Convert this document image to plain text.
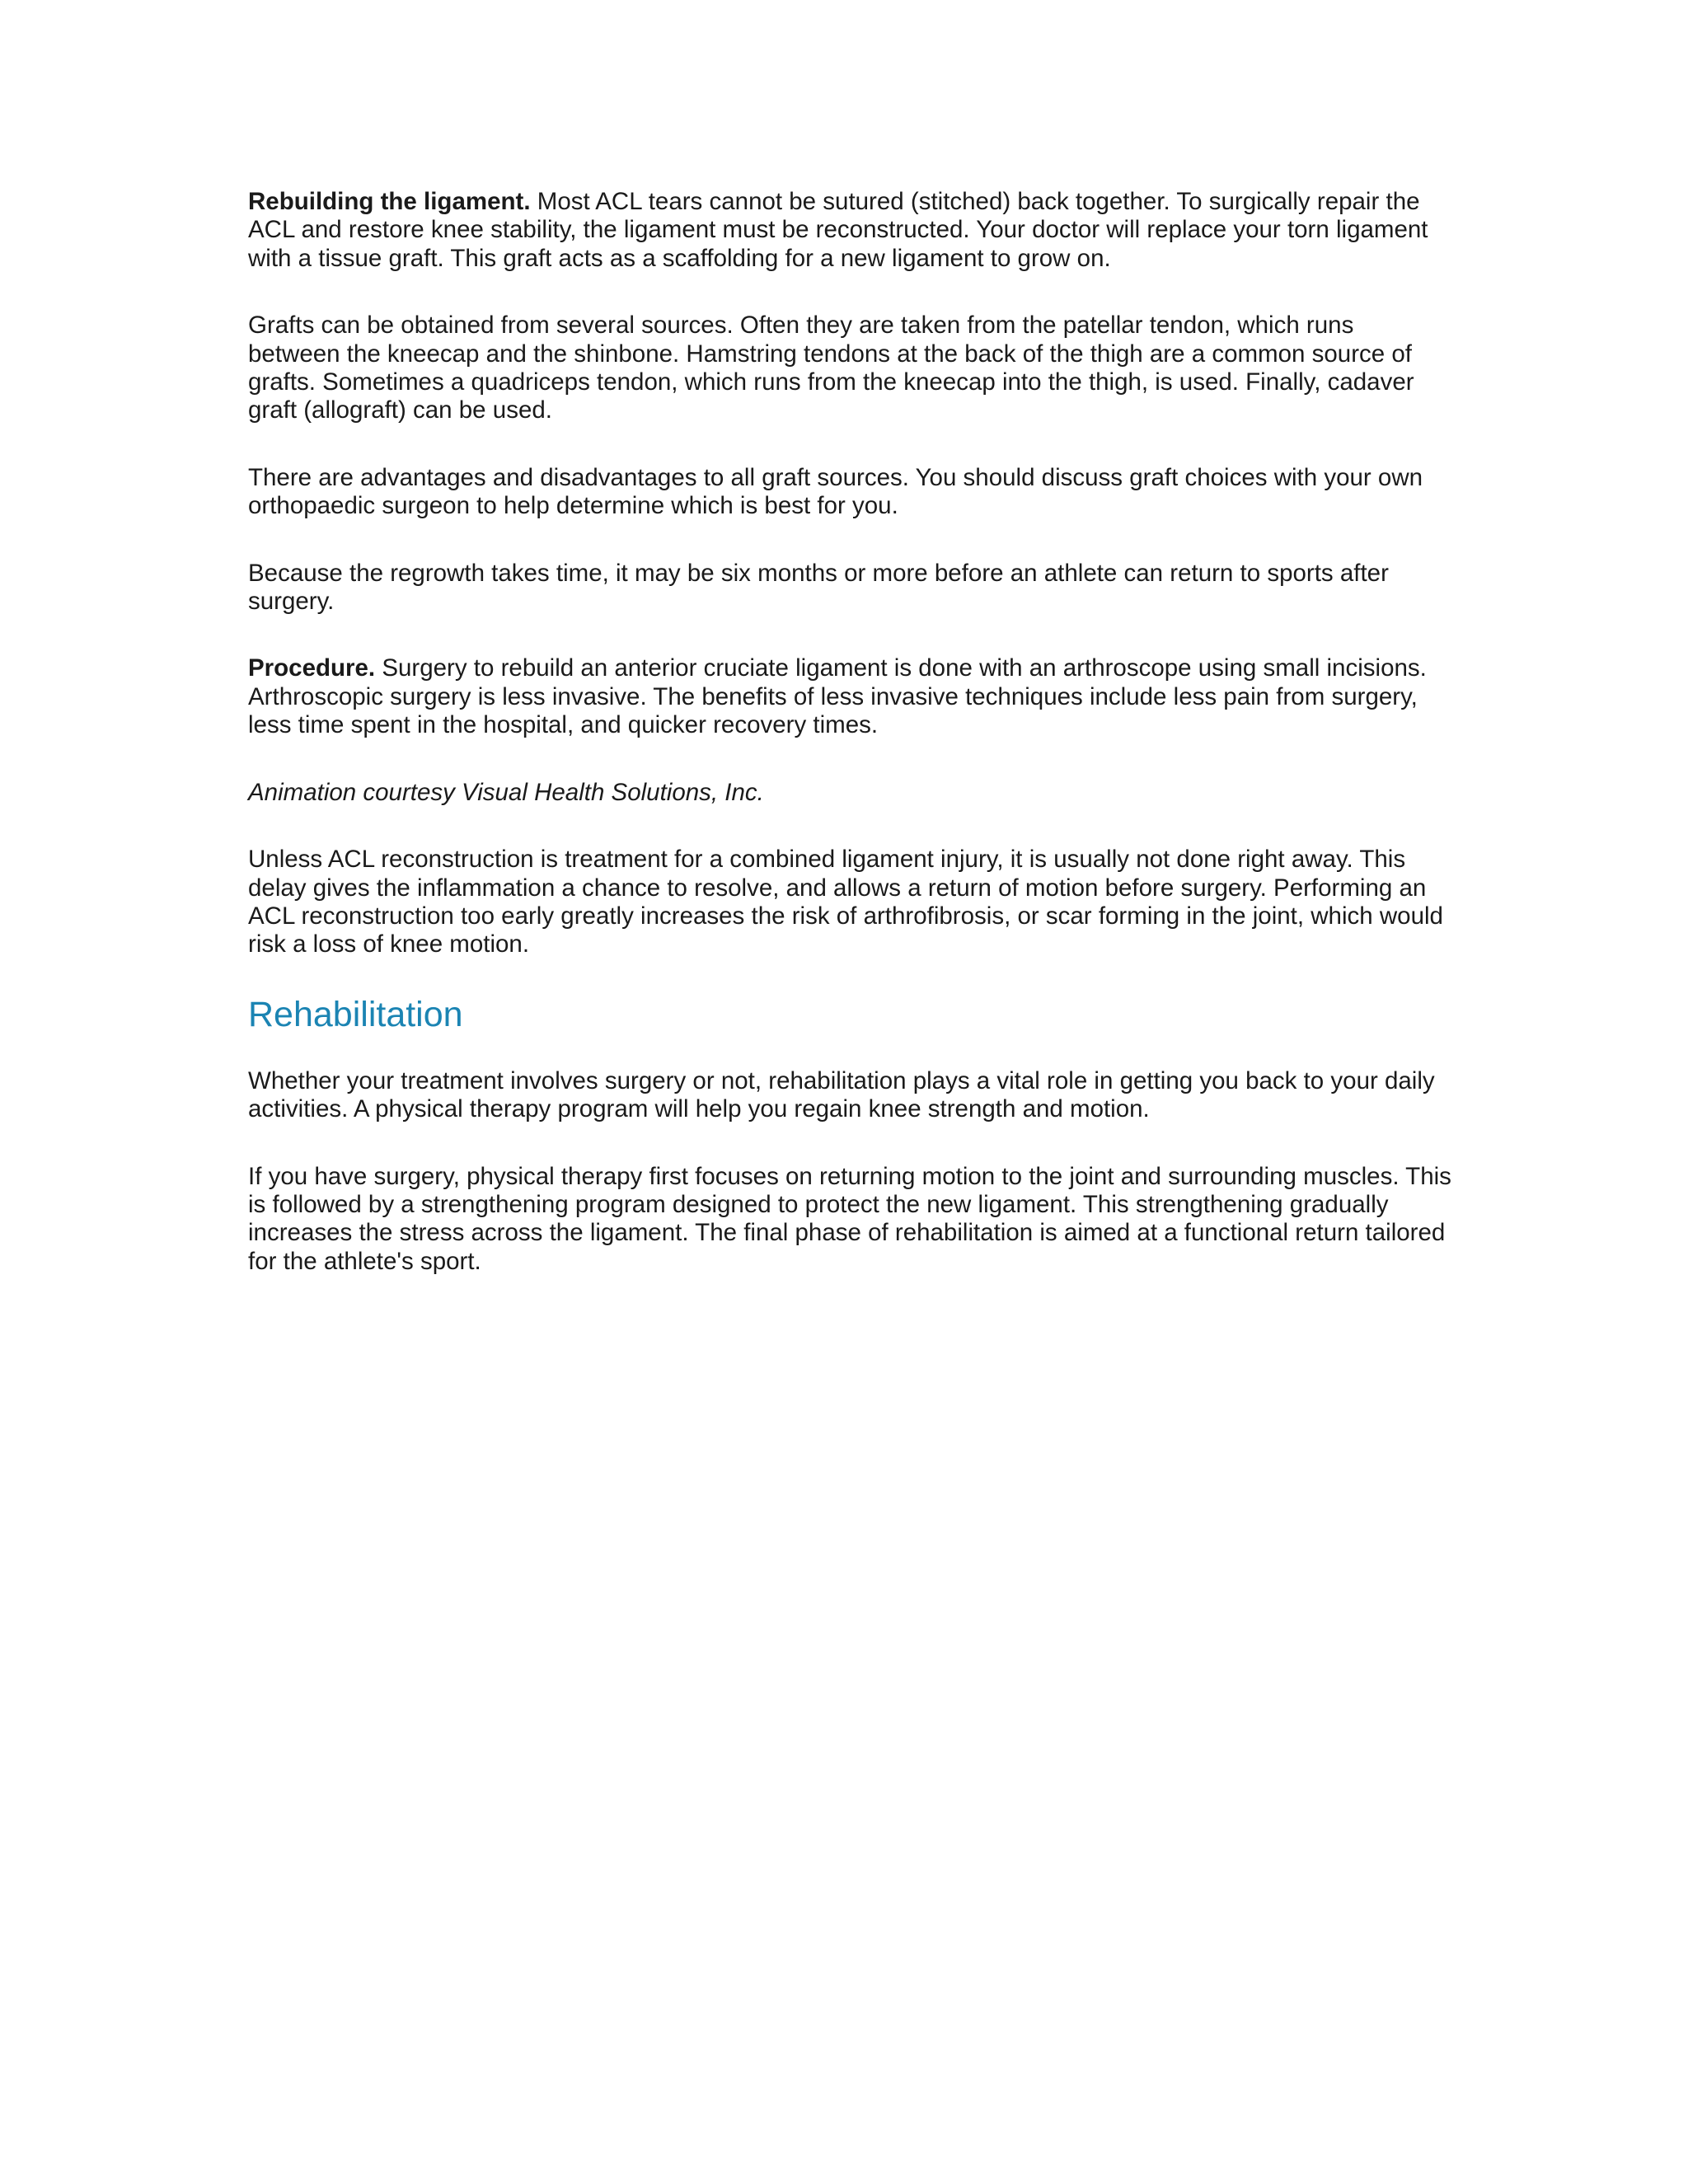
Rebuilding the ligament. Most ACL tears cannot be sutured (stitched) back together. To surgically repair the ACL and restore knee stability, the ligament must be reconstructed. Your doctor will replace your torn ligament with a tissue graft. This graft acts as a scaffolding for a new ligament to grow on.

Grafts can be obtained from several sources. Often they are taken from the patellar tendon, which runs between the kneecap and the shinbone. Hamstring tendons at the back of the thigh are a common source of grafts. Sometimes a quadriceps tendon, which runs from the kneecap into the thigh, is used. Finally, cadaver graft (allograft) can be used.

There are advantages and disadvantages to all graft sources. You should discuss graft choices with your own orthopaedic surgeon to help determine which is best for you.

Because the regrowth takes time, it may be six months or more before an athlete can return to sports after surgery.

Procedure. Surgery to rebuild an anterior cruciate ligament is done with an arthroscope using small incisions. Arthroscopic surgery is less invasive. The benefits of less invasive techniques include less pain from surgery, less time spent in the hospital, and quicker recovery times.

Animation courtesy Visual Health Solutions, Inc.

Unless ACL reconstruction is treatment for a combined ligament injury, it is usually not done right away. This delay gives the inflammation a chance to resolve, and allows a return of motion before surgery. Performing an ACL reconstruction too early greatly increases the risk of arthrofibrosis, or scar forming in the joint, which would risk a loss of knee motion.

Rehabilitation

Whether your treatment involves surgery or not, rehabilitation plays a vital role in getting you back to your daily activities. A physical therapy program will help you regain knee strength and motion.

If you have surgery, physical therapy first focuses on returning motion to the joint and surrounding muscles. This is followed by a strengthening program designed to protect the new ligament. This strengthening gradually increases the stress across the ligament. The final phase of rehabilitation is aimed at a functional return tailored for the athlete's sport.
